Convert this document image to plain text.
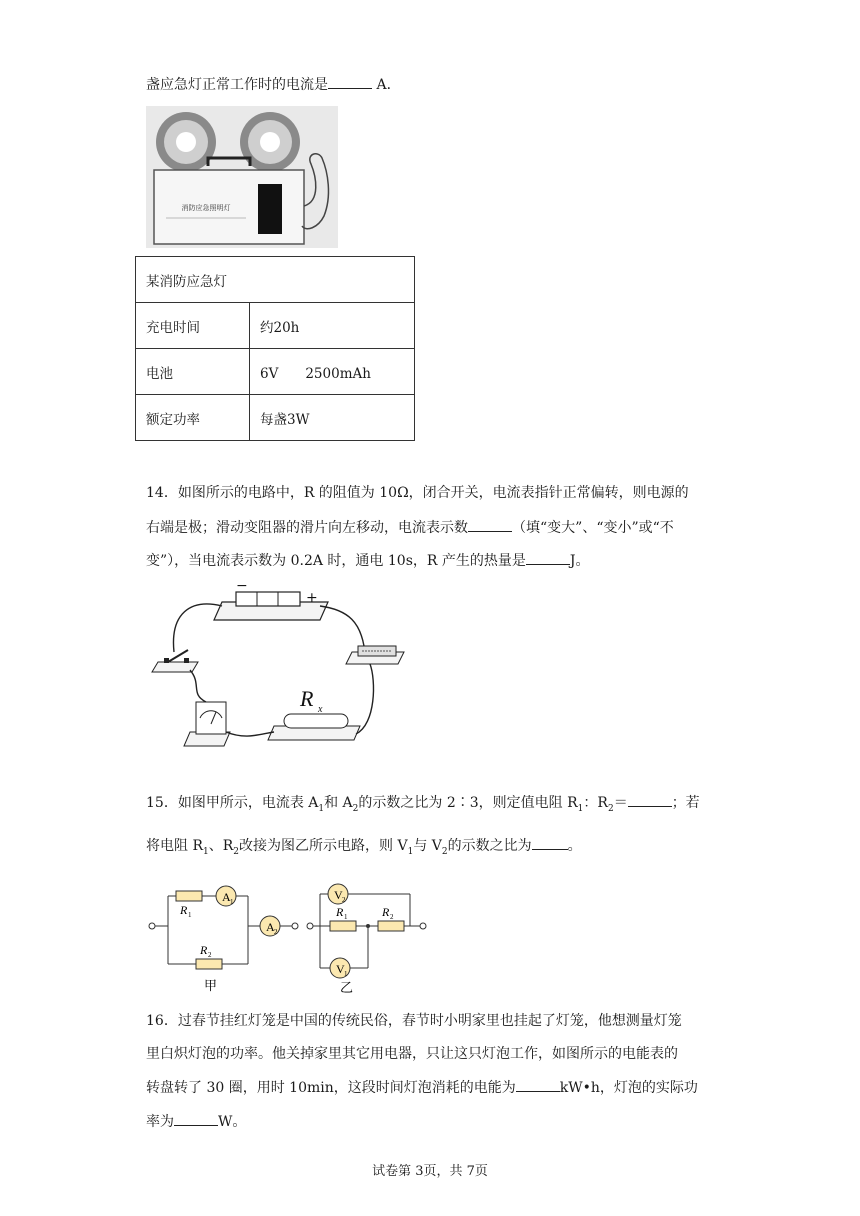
盏应急灯正常工作时的电流是	A．
消防应急照明灯
某消防应急灯	
充电时间	约20h
电池	6V　　2500mAh
额定功率	每盏3W
14．如图所示的电路中，R 的阻值为 10Ω，闭合开关，电流表指针正常偏转，则电源的
右端是极；滑动变阻器的滑片向左移动，电流表示数	（填“变大”、“变小”或“不
变”），当电流表示数为 0.2A 时，通电 10s，R 产生的热量是	J。
−
+
R x
15．如图甲所示，电流表 $A_1$和 $A_2$的示数之比为 2∶3，则定值电阻 $R_1$：$R_2=$	；若
将电阻 $R_1$、$R_2$改接为图乙所示电路，则 $V_1$与 $V_2$的示数之比为	。
A 1
R 1
R 2
A 2
甲
V 2
V 1
R 1	R 2
乙
16．过春节挂红灯笼是中国的传统民俗，春节时小明家里也挂起了灯笼，他想测量灯笼
里白炽灯泡的功率。他关掉家里其它用电器，只让这只灯泡工作，如图所示的电能表的
转盘转了 30 圈，用时 10min，这段时间灯泡消耗的电能为	kW•h，灯泡的实际功
率为	W。
试卷第 3页，共 7页
